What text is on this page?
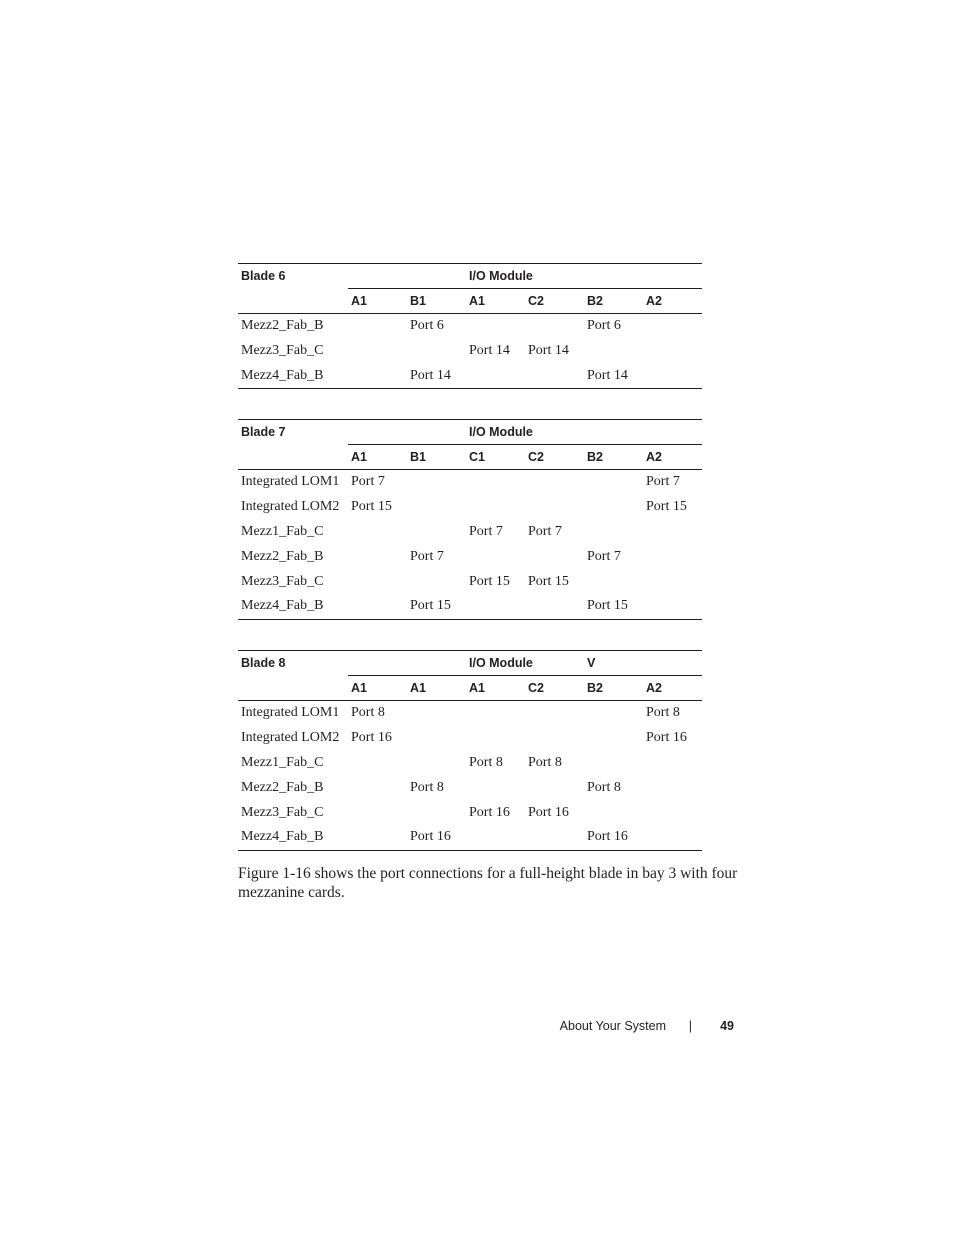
Blade 6			I/O Module			
	A1	B1	A1	C2	B2	A2
Mezz2_Fab_B		Port 6			Port 6	
Mezz3_Fab_C			Port 14	Port 14		
Mezz4_Fab_B		Port 14			Port 14	
Blade 7			I/O Module			
	A1	B1	C1	C2	B2	A2
Integrated LOM1	Port 7					Port 7
Integrated LOM2	Port 15					Port 15
Mezz1_Fab_C			Port 7	Port 7		
Mezz2_Fab_B		Port 7			Port 7	
Mezz3_Fab_C			Port 15	Port 15		
Mezz4_Fab_B		Port 15			Port 15	
Blade 8			I/O Module		V	
	A1	A1	A1	C2	B2	A2
Integrated LOM1	Port 8					Port 8
Integrated LOM2	Port 16					Port 16
Mezz1_Fab_C			Port 8	Port 8		
Mezz2_Fab_B		Port 8			Port 8	
Mezz3_Fab_C			Port 16	Port 16		
Mezz4_Fab_B		Port 16			Port 16	

Figure 1-16 shows the port connections for a full-height blade in bay 3 with four mezzanine cards.

About Your System | 49
